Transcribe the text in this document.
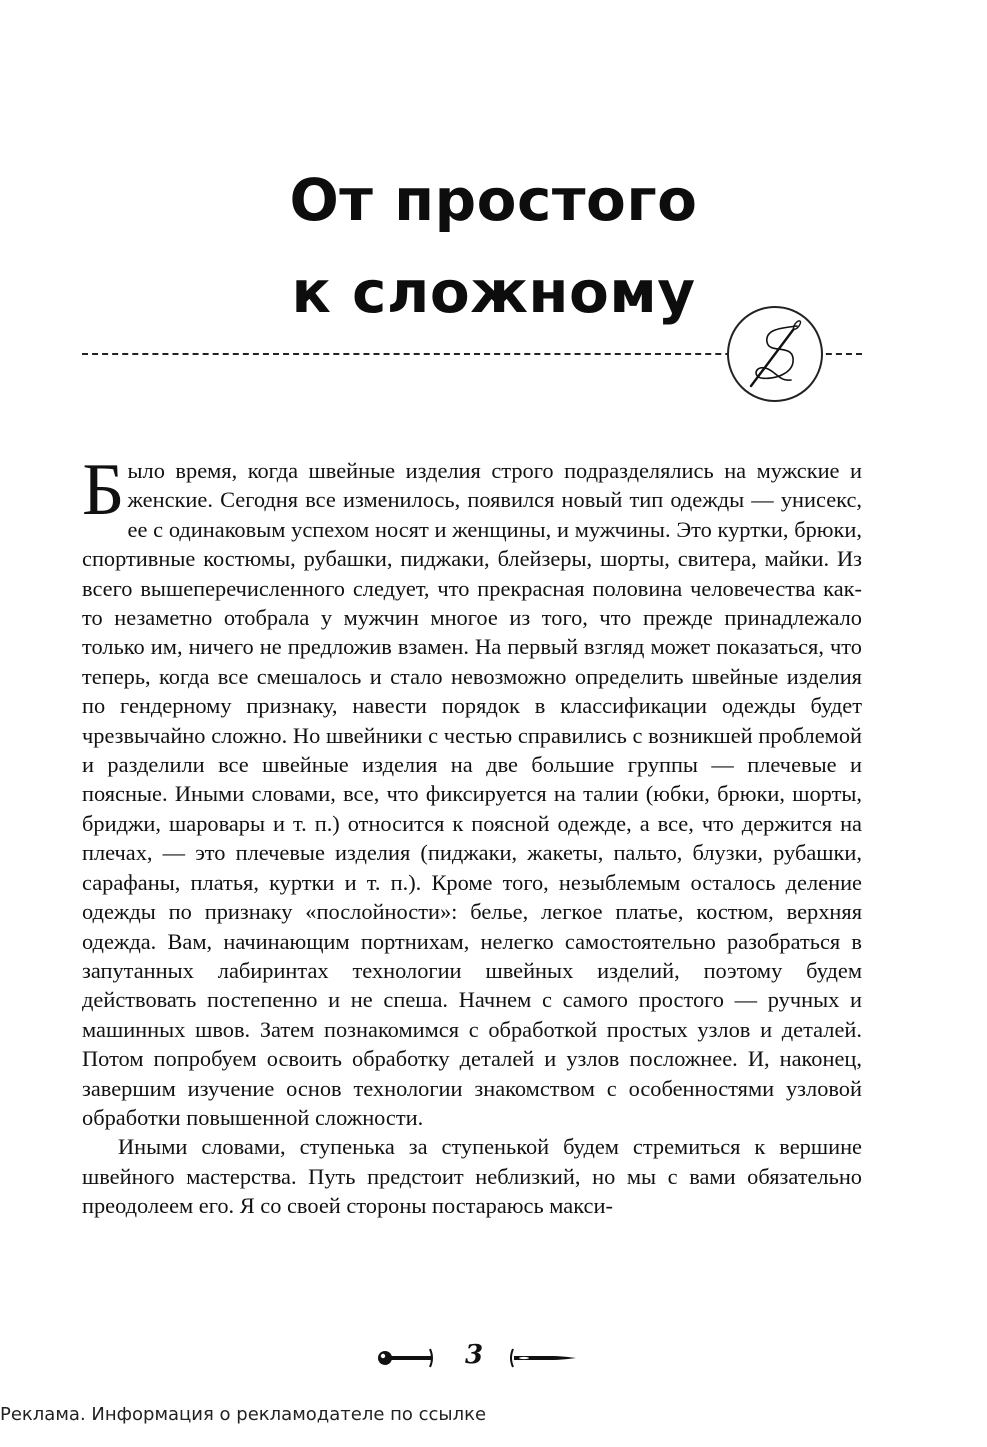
От простого
к сложному

Было время, когда швейные изделия строго подразделялись на мужские и женские. Сегодня все изменилось, появился новый тип одежды — унисекс, ее с одинаковым успехом носят и женщины, и мужчины. Это куртки, брюки, спортивные костюмы, рубашки, пиджаки, блейзеры, шорты, свитера, майки. Из всего вышеперечисленного следует, что прекрасная половина человечества как-то незаметно отобрала у мужчин многое из того, что прежде принадлежало только им, ничего не предложив взамен. На первый взгляд может показаться, что теперь, когда все смешалось и стало невозможно определить швейные изделия по гендерному признаку, навести порядок в классификации одежды будет чрезвычайно сложно. Но швейники с честью справились с возникшей проблемой и разделили все швейные изделия на две большие группы — плечевые и поясные. Иными словами, все, что фиксируется на талии (юбки, брюки, шорты, бриджи, шаровары и т. п.) относится к поясной одежде, а все, что держится на плечах, — это плечевые изделия (пиджаки, жакеты, пальто, блузки, рубашки, сарафаны, платья, куртки и т. п.). Кроме того, незыблемым осталось деление одежды по признаку «послойности»: белье, легкое платье, костюм, верхняя одежда. Вам, начинающим портнихам, нелегко самостоятельно разобраться в запутанных лабиринтах технологии швейных изделий, поэтому будем действовать постепенно и не спеша. Начнем с самого простого — ручных и машинных швов. Затем познакомимся с обработкой простых узлов и деталей. Потом попробуем освоить обработку деталей и узлов посложнее. И, наконец, завершим изучение основ технологии знакомством с особенностями узловой обработки повышенной сложности.

Иными словами, ступенька за ступенькой будем стремиться к вершине швейного мастерства. Путь предстоит неблизкий, но мы с вами обязательно преодолеем его. Я со своей стороны постараюсь макси-

3
Реклама. Информация о рекламодателе по ссылке
